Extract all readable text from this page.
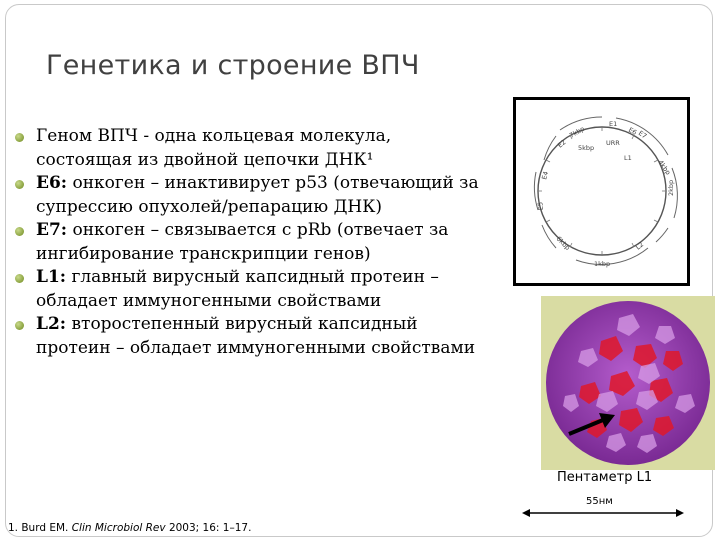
Генетика и строение ВПЧ
Геном ВПЧ - одна кольцевая молекула, состоящая из двойной цепочки ДНК¹
E6: онкоген – инактивирует p53 (отвечающий за супрессию опухолей/репарацию ДНК)
E7: онкоген – связывается с pRb (отвечает за ингибирование транскрипции генов)
L1: главный вирусный капсидный протеин – обладает иммуногенными свойствами
L2: второстепенный вирусный капсидный протеин – обладает иммуногенными свойствами
E1
E6
E7
E2
E4
E5
2kbp
L2
1kbp
6kbp
5kbp
4kbp
7kbp
L1
URR
Пентаметр L1
55нм
1. Burd EM. Clin Microbiol Rev 2003; 16: 1–17.
